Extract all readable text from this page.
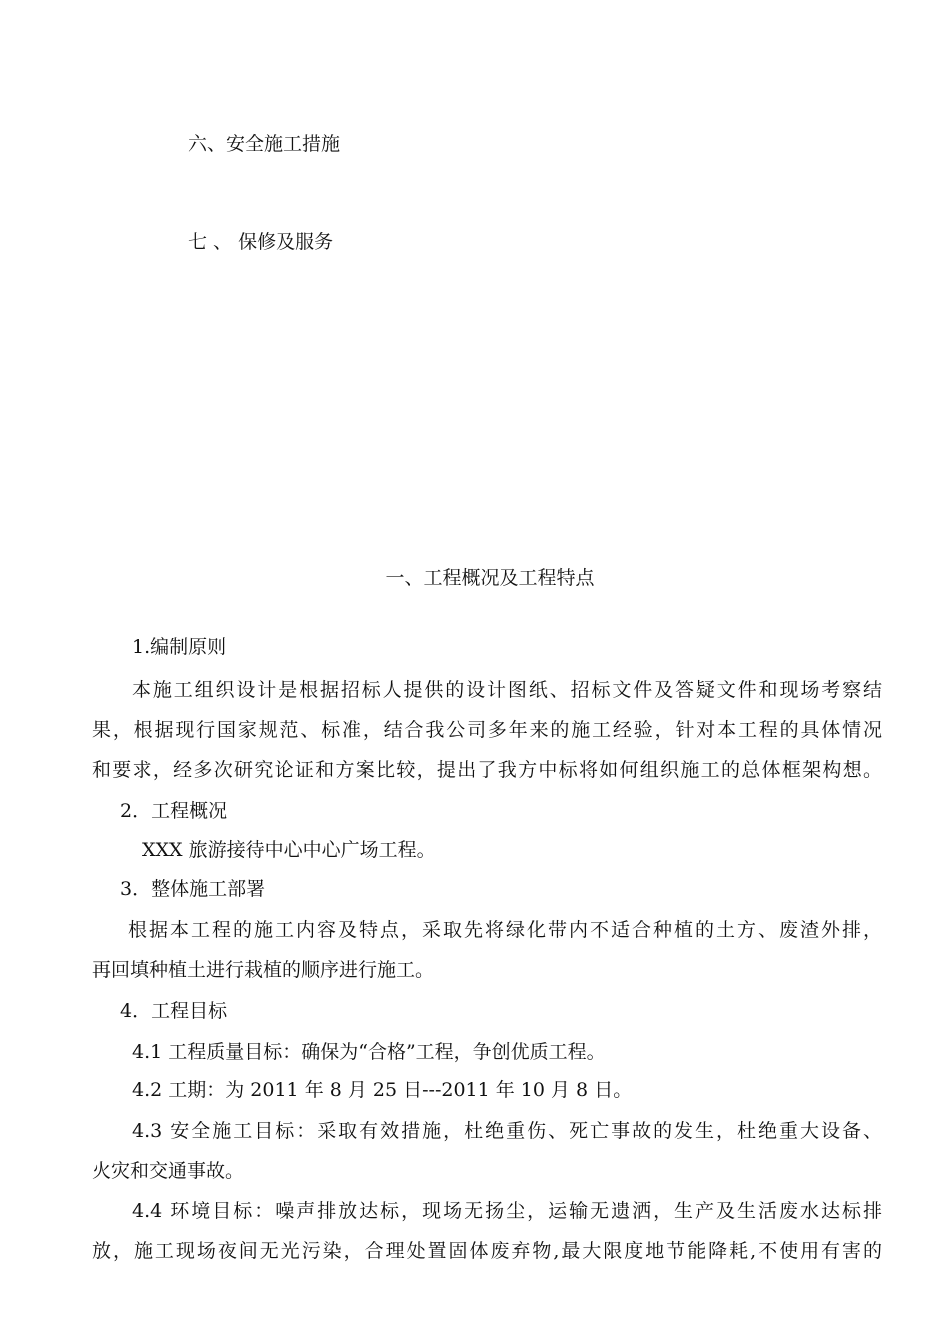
六、安全施工措施

七 、 保修及服务

一、工程概况及工程特点

1.编制原则

本施工组织设计是根据招标人提供的设计图纸、招标文件及答疑文件和现场考察结

果，根据现行国家规范、标准，结合我公司多年来的施工经验，针对本工程的具体情况

和要求，经多次研究论证和方案比较，提出了我方中标将如何组织施工的总体框架构想。

2．工程概况

XXX 旅游接待中心中心广场工程。

3．整体施工部署

根据本工程的施工内容及特点，采取先将绿化带内不适合种植的土方、废渣外排，

再回填种植土进行栽植的顺序进行施工。

4．工程目标

4.1 工程质量目标：确保为“合格”工程，争创优质工程。

4.2 工期：为 2011 年 8 月 25 日---2011 年 10 月 8 日。

4.3 安全施工目标：采取有效措施，杜绝重伤、死亡事故的发生，杜绝重大设备、

火灾和交通事故。

4.4 环境目标：噪声排放达标，现场无扬尘，运输无遗洒，生产及生活废水达标排

放，施工现场夜间无光污染，合理处置固体废弃物,最大限度地节能降耗,不使用有害的
